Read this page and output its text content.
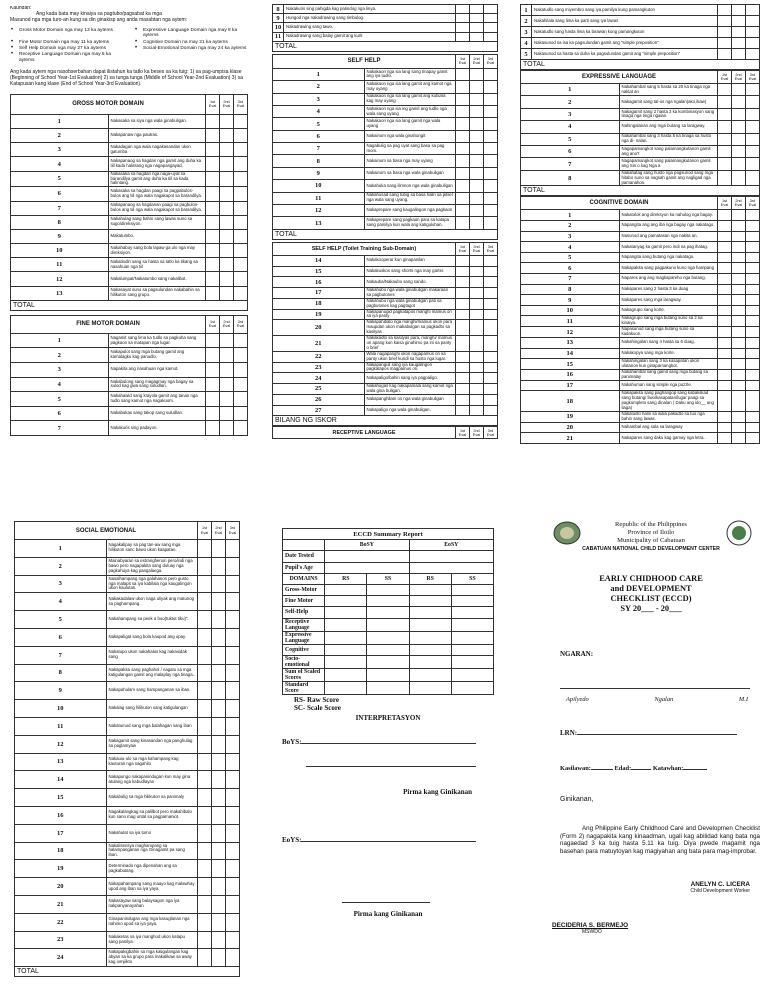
Kaundan:
Ang kada bata may kinaiya sa pagtubo/pagsabat ka mga
Masunod nga mga turo-an kung sa din ginakisp ang anda masabtan nga aytem:
• Gross Motor Domain nga may 13 ka aytems	• Expressive Language Domain nga may 8 ka aytems
• Fine Motor Domain nga may 11 ka aytems	• Cognitive Domain na may 21 ka aytems
• Self Help Domain nga may 27 ka aytems	• Social-Emotional Domain nga may 24 ka aytems
• Receptive Language Domain nga may 5 ka aytems
Ang kada aytem nga nasobserbahan dapat ilistahun ka tatlo ka beses sa ka tuig: 1) sa pag-umpisa klase (Beginning of School Year-1st Evaluation) 2) sa tunga tunga (Middle of School Year-2nd Evaluation) 3) sa Katapusan kang klase (End of School Year-3rd Evaluation).
GROSS MOTOR DOMAIN		1st Eval	2nd Eval	3rd Eval
1	Nakasaka sa siya nga wala ginabuligan.			
2	Nakapanaw nga pautras.			
3	Nakadagan nga wala nagakasandan ukon gatumba			
4	Nakapanaog sa hagdan nga gamit ang duha ka tiil kada halintang nga nagapangayad.			
5	Nakasaka sa hagdan nga naga-uyat sa barandilya gamit ang duha ka tiil sa kada halintang.			
6	Nakasaka sa hagdan paagi sa pagpabulos- bulos ang tiil nga wala nagakapot sa barandilya.			
7	Nakapanaog sa hagdanan paagi sa pagbulos- bulos ang tiil nga wala nagakapot sa barandilya.			
8	Nakahulag sang bahin sang lawas suno sa sugo/direksiyon.			
9	Makatumbo.			
10	Nakahaboy sang bola lapaw ga ulo nga may direksiyon.			
11	Nakatindin sang sa hasta sa tatlo ka tikang sa nasahuan nga tiil			
12	Nakalumpat/Nakatumbo sang nakalibot.			
13	Nakasayat suno sa pagsulundan nakabahin sa hilikuton sang grupo.			
TOTAL				
FINE MOTOR DOMAIN		1st Eval	2nd Eval	3rd Eval
1	Nagamit sang lima ka tudlo sa pagkuha sang pagkaon sa matapan nga lugar.			
2	Nakapulot sang mga butang gamit ang kamalagku kag panudlo.			
3	Napakita ang nasahuan nga kamot.			
4	Nakabulong sang magagmay nga bagay sa sulod kag gwa sang suludlan.			
5	Nakahawid sang krayola gamit ang tanan nga tudlo sang kamot nga nagakuom.			
6	Nakabukas sang takop sang suludlan.			
7	Nakakuris sing padayon.			
8	Nakakuris sing pahigda kag patindog nga linya.			
9	Hungod nga nakadrawing sang timbulog.			
10	Nakadrawing sang tawo.			
11	Nakadrawing sang balay gamit ang kurit			
TOTAL				
SELF HELP		1st Eval	2nd Eval	3rd Eval
1	Nakakaon nga sia lang sang tinapay gamit ang iya tudlo.			
2	Nakakaon nga sia lang gamit ang kamot nga may uyang			
3	Nakakaon nga sia lang gamit ang kutsara kag may uyang			
4	Nakakaon nga sia ing gamit ang tudlo nga wala sang uyang			
5	Nakakaon nga sia lang gamit nga wala uyang			
6	Nakainom nga wala ginahungit			
7	Nagabulig sa pag uyat sang basa sa pag mom.			
8	Nakainom sa basa nga may uyang			
9	Nakainom sa basa nga wala ginabuligan			
10	Nakahuka sang ilimnon nga wala ginabuligan			
11	Nakahusad sang tubig sa basa halin sa pitsel nga wala sang uyang.			
12	Nakaprepare sang kaugalingon nga pagkaon			
13	Nakaprepare sang pagkaon para sa katapu sang pamilya kun wala ang katiguluhan.			
TOTAL				
SELF HELP (Toilet Training Sub-Domain)		1st Eval	2nd Eval	3rd Eval
14	Nakakooperar kun ginapanilan			
15	Nakakuskos sang shorts nga may garter.			
16	Nakauba/Nakaubo sang sando.			
17	Nakahubo nga wala ginabuligan makaraan sa pagbutones			
18	Nakahubo nga wala ginabuligan pati sa pagbutones kag pagtagot			
19	Nakapanugid pagkatapos manghi mamus on sa iya panty			
20	Nakapahibalo nga manghi/mamus ukon para maupdan ukon makabulgan sa pagkadto sa kasilyas			
21	Nakakadto sa kasilyas para, manghi/ mamus on apang kun kaisa ginahimo pa ini sa panty o brief			
22	Wala nagapanghi ukon nagapamus on sa panty ukon brief kundi sa husto nga lugar.			
23	Nakapanguil sang iya kaugalingon pagkatapos magpamus on.			
24	Nakapaligo/bahin sang iya pagpaligo.			
25	Nakahugas kag nakapamala sang kamot nga wala gina buligan.			
26	Nakapanghilam os nga wala ginabuligan			
27	Nakapaligo nga wala ginabuligan.			
BILANG NG ISKOR				
RECEPTIVE LANGUAGE	1st Eval	2nd Eval	3rd Eval
1	Nakatudlo sang miyembro sang iya pamilya kung pamangkuton			
2	Nakahilala sang lima ka parti sang iya lawas			
3	Nakatudlo sang hasta lima ka larawan kung pamangkuton			
4	Nakasunod sa isa ka pagsulundan gamit ang "simple preposition"			
5	Nakasunod sa hasta sa duha ka pagsulundan gamit ang "simple preposition"			
TOTAL				
EXPRESSIVE LANGUAGE		1st Eval	2nd Eval	3rd Eval
1	Nakahambal sang 5 hasta sa 20 ka tinaga nga naklat an			
2	Nakagamit sang tal-us nga ngalan(ako,ikaw)			
3	Nakagamit sang 2 hasta 3 ka kombinasyon sang tinaga nga tinga ngalan.			
4	Nahingalanan ang mga butang sa laragway.			
5	Nakahambal sang 3 hasta 5 ka tinaga sa husto nga di- nalan.			
6	Nagapamangkot sang palamangkutanon gamit ang ano?			
7	Nagapamangkot sang palamangkutanon gamit ang Sin o kag Nga a			
8	Nakahatag sang husto nga pagsunod sang mga hitabo suno sa nagsah gamit ang nagligad nga pamanahon.			
TOTAL				
COGNITIVE DOMAIN		1st Eval	2nd Eval	3rd Eval
1	Nakatolok ang direksyon ka nahulog nga bagay.			
2	Napangita ang ang iba nga bagay nga nakatago.			
3	Nasunod ang pamatasan nga nakita an.			
4	Nakatanyag ka gamit pero indi na pag ihatag.			
5	Napangita sang butang nga nakatago.			
6	Nakapakita sang pagpakuno kuno nga hampang			
7	Napares ang ang magkapareho nga butang.			
8	Nakapares sang 2 hasta 3 ka duag			
9	Nakapares sang mga laragway.			
10	Nakagrupo sang korte.			
11	Nakagrupo sang mga butang suno sa 2 ka kinaiya.			
12	Napasunod sang mga butang suno sa kadakuon.			
13	Nakahingalan sang 4 hasta sa 6 duag.			
14	Nakakopya sang mga korte.			
15	Nakahingalan sang 3 ka kasapatan ukon ulutanon kun ginapamangkot.			
16	Nakahambal sang gamit sang mga butang sa panimalay			
17	Nakahuman sang simple nga puzzle.			
18	Nakapakita sang paghangop sang kabaliskad sang butang/ liwo/kasapatan/lugar paagi sa pagkumpleto sang dinalan ( Daku ang ido__ ang ilaga)			
19	Nakatudlo halin sa wala pakadto sa tuo nga bahin sang lawas.			
20	Nahambal ang sala sa laragway			
21	Nakapares sang daku kag gamay nga letra..			
SOCIAL EMOTIONAL		1st Eval	2nd Eval	3rd Eval
1	Nagakalipay sa pag tan-aw sang mga hilikuton sanc bawo ukon kaapatan.			
2	Mainabyaran sa estranghenon pero/indi nga bawo pero nagapakita sang duluay nga pagkahuya kag pangalaega.			
3	Nasalhampang nga galahanon pero gusto nga malapit sa iya kabilala nga kaugalingon ukon kaulutan.			
4	Nakakadalaw ukon naga uliyak ang matunog sa paghampang.			
5	Nakahampang sa peek a boo(tuktut tiku)".			
6	Nakapaligat sang bola kaupod ang upay.			
7	Nakatupo ukon nakahalus kag nakasidak sang			
8	Nakapakita sang paghahol / nagatu sa mga katigulangan gamit ang malaplay nga tinaga..			
9	Nakapahulam sang hampanganan sa iban.			
10	Nakalag sang hilikuton sang katigulangan			
11	Nakatumod sang mga balahagan sang iban			
12	Nakagamit sang kinasandan nga panghulag sa paglamyaw			
13	Nakauiu-ulo sa mga kahampang kag kauturan nga nagahilo			
14	Nakapungo nakapanindugan kun may gina atulang nga kabudlayan			
15	Nakabulig sa mga hilikuton sa panimaly			
16	Nagakalangkag sa palilbot pero makahibalo kun sano mag untat sa pagpamaniot.			
17	Nakahulat sa iya tomo			
18	Nakalisensya maghampang sa halampanganan nga Ginagamit pa sang iban.			
19	Determinado nga dipenahan ang sa pagkabutang.			
20	Nakapahampang sang maayo kag malawhay upod ang iban sa iya yaya.			
21	Nakasayaw sang balaysagon nga iya nakpanyanayahan			
22	Ginapanindugan ang mga kasuglanan nga nahimo upod sa iya yaya.			
23	Nakaketas sa iya manghod ukon katapu sang panilya.			
24	Nakapakigbahin sa mga katigulangan kag abyan sa ka grupo para makalikaw sa away kag iomjiikto			
TOTAL				
ECCD Summary Report				
	BoSY		EoSY	
Date Tested				
Pupil's Age				
DOMAINS	RS	SS	RS	SS
Gross-Motor				
Fine Motor				
Self-Help				
Receptive Language				
Expressive Language				
Cognitive				
Socio-emotional				
Sum of Scaled Scores				
Standard Score				
RS- Raw Score
SC- Scale Score
INTERPRETASYON
BoYS:
Pirma kang Ginikanan
EoYS:
Pirma kang Ginikanan
Republic of the Philippines
Province of Iloilo
Municipality of Cabatuan
CABATUAN NATIONAL CHILD DEVELOPMENT CENTER
EARLY CHIDHOOD CARE
and DEVELOPMENT
CHECKLIST (ECCD)
SY 20___ - 20___
NGARAN:
Apilyedo	Ngalan	M.I
LRN:
Kasilawan:	Edad:	Katawhan:
Ginikanan,
Ang Philippine Early Childhood Care and Developmen Checklist (Form 2) nagapakita kang kinaadman, ugali kag abilidad kang bata nga nagaedad 3 ka tuig hasta 5.11 ka tuig. Diya pwede magamit nga basehan para matuytoyan kag magiyahan ang bata para mag-improbar.
ANELYN C. LICERA
Child Development Worker
DECIDERIA S. BERMEJO
MSWDO
